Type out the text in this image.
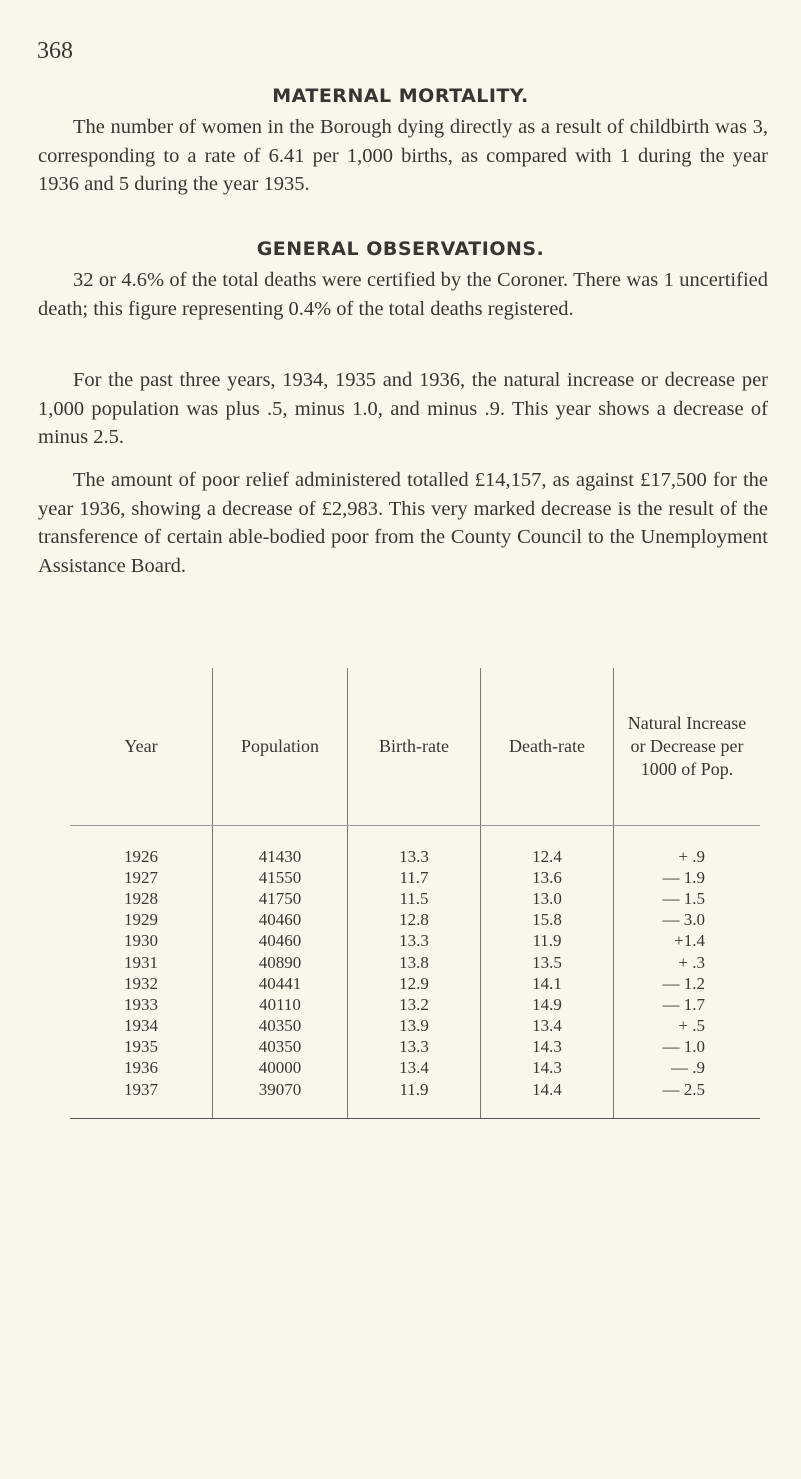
368
MATERNAL MORTALITY.

The number of women in the Borough dying directly as a result of childbirth was 3, corresponding to a rate of 6.41 per 1,000 births, as compared with 1 during the year 1936 and 5 during the year 1935.

GENERAL OBSERVATIONS.

32 or 4.6% of the total deaths were certified by the Coroner. There was 1 uncertified death; this figure representing 0.4% of the total deaths registered.

For the past three years, 1934, 1935 and 1936, the natural increase or decrease per 1,000 population was plus .5, minus 1.0, and minus .9. This year shows a decrease of minus 2.5.

The amount of poor relief administered totalled £14,157, as against £17,500 for the year 1936, showing a decrease of £2,983. This very marked decrease is the result of the transference of certain able-bodied poor from the County Council to the Unemployment Assistance Board.

Year	Population	Birth-rate	Death-rate	Natural Increase or Decrease per 1000 of Pop.
1926	41430	13.3	12.4	+ .9
1927	41550	11.7	13.6	— 1.9
1928	41750	11.5	13.0	— 1.5
1929	40460	12.8	15.8	— 3.0
1930	40460	13.3	11.9	+1.4
1931	40890	13.8	13.5	+ .3
1932	40441	12.9	14.1	— 1.2
1933	40110	13.2	14.9	— 1.7
1934	40350	13.9	13.4	+ .5
1935	40350	13.3	14.3	— 1.0
1936	40000	13.4	14.3	— .9
1937	39070	11.9	14.4	— 2.5
